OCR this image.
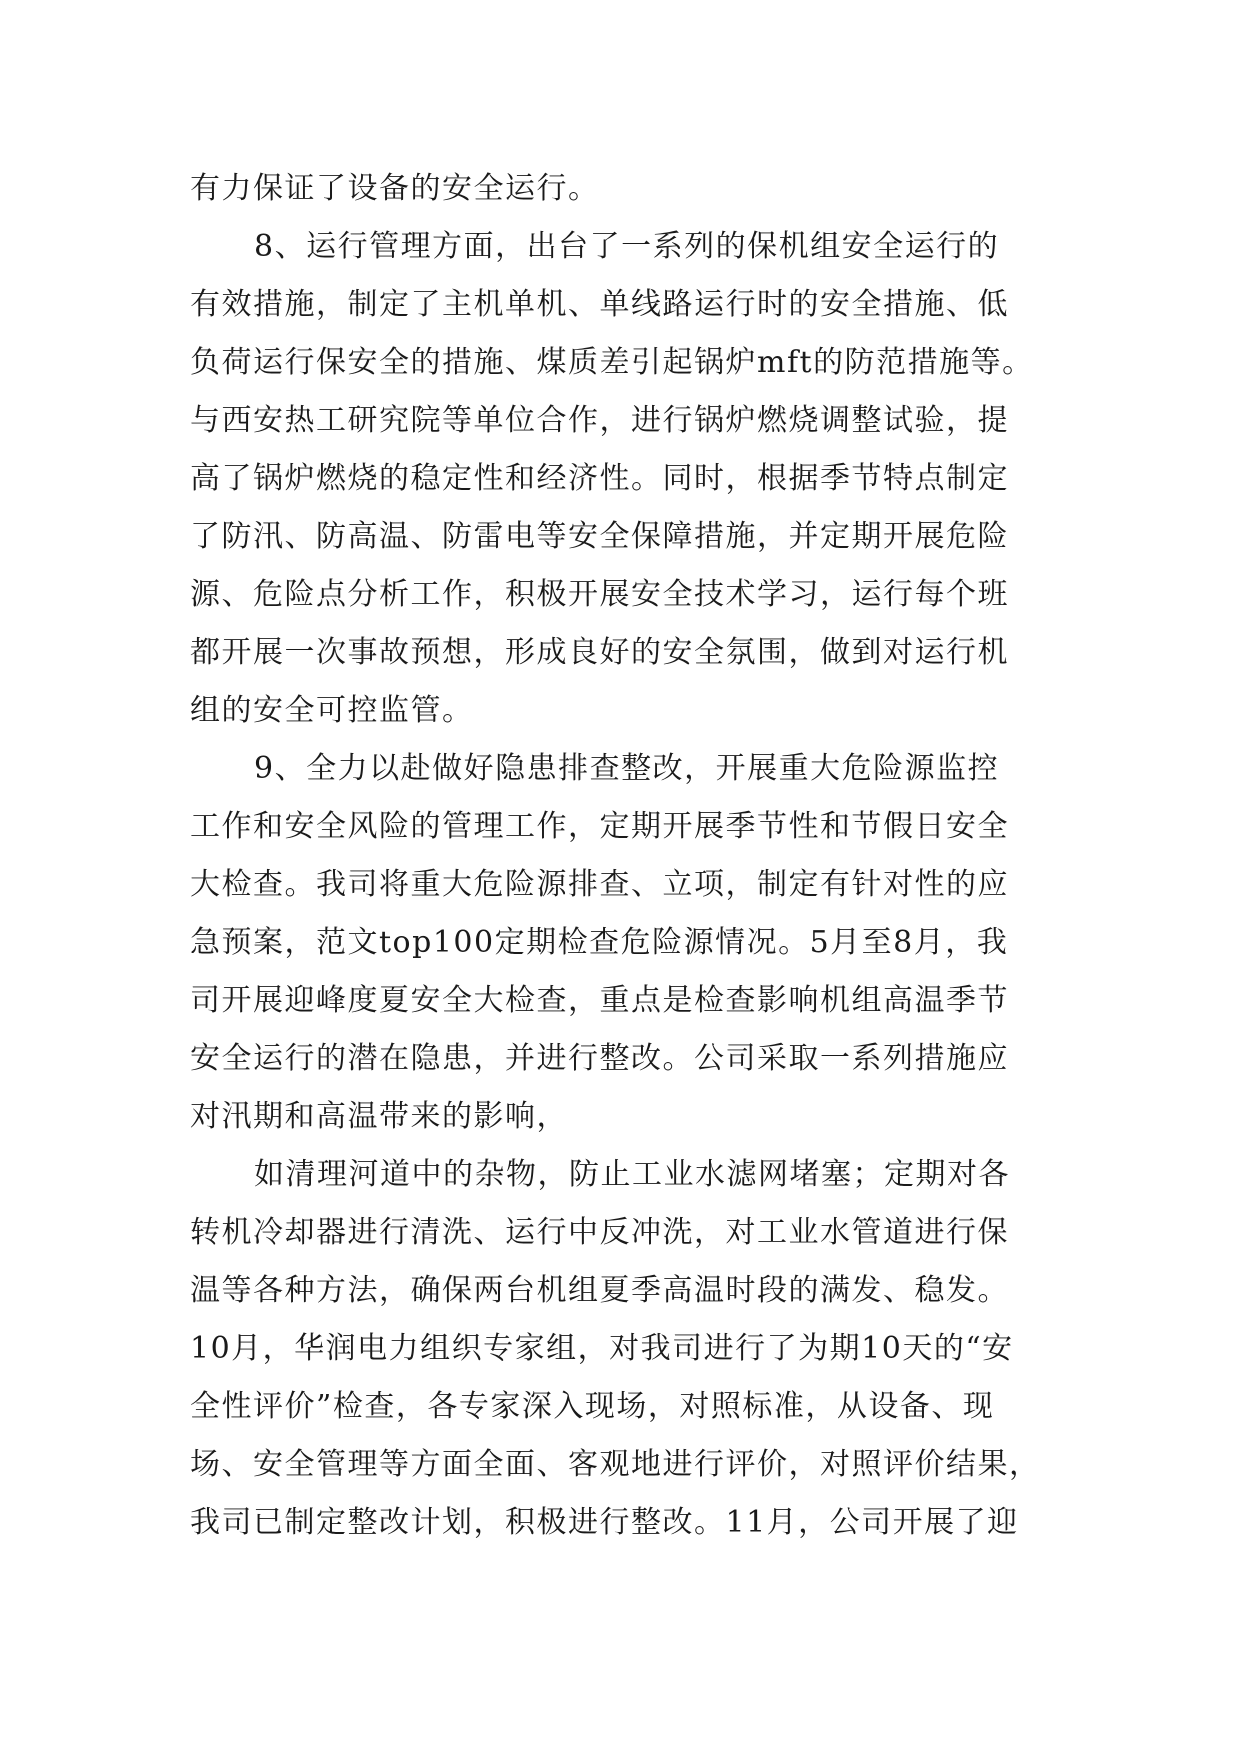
有力保证了设备的安全运行。
8、运行管理方面，出台了一系列的保机组安全运行的
有效措施，制定了主机单机、单线路运行时的安全措施、低
负荷运行保安全的措施、煤质差引起锅炉mft的防范措施等。
与西安热工研究院等单位合作，进行锅炉燃烧调整试验，提
高了锅炉燃烧的稳定性和经济性。同时，根据季节特点制定
了防汛、防高温、防雷电等安全保障措施，并定期开展危险
源、危险点分析工作，积极开展安全技术学习，运行每个班
都开展一次事故预想，形成良好的安全氛围，做到对运行机
组的安全可控监管。
9、全力以赴做好隐患排查整改，开展重大危险源监控
工作和安全风险的管理工作，定期开展季节性和节假日安全
大检查。我司将重大危险源排查、立项，制定有针对性的应
急预案，范文top100定期检查危险源情况。5月至8月，我
司开展迎峰度夏安全大检查，重点是检查影响机组高温季节
安全运行的潜在隐患，并进行整改。公司采取一系列措施应
对汛期和高温带来的影响，
如清理河道中的杂物，防止工业水滤网堵塞；定期对各
转机冷却器进行清洗、运行中反冲洗，对工业水管道进行保
温等各种方法，确保两台机组夏季高温时段的满发、稳发。
10月，华润电力组织专家组，对我司进行了为期10天的“安
全性评价”检查，各专家深入现场，对照标准，从设备、现
场、安全管理等方面全面、客观地进行评价，对照评价结果，
我司已制定整改计划，积极进行整改。11月，公司开展了迎
